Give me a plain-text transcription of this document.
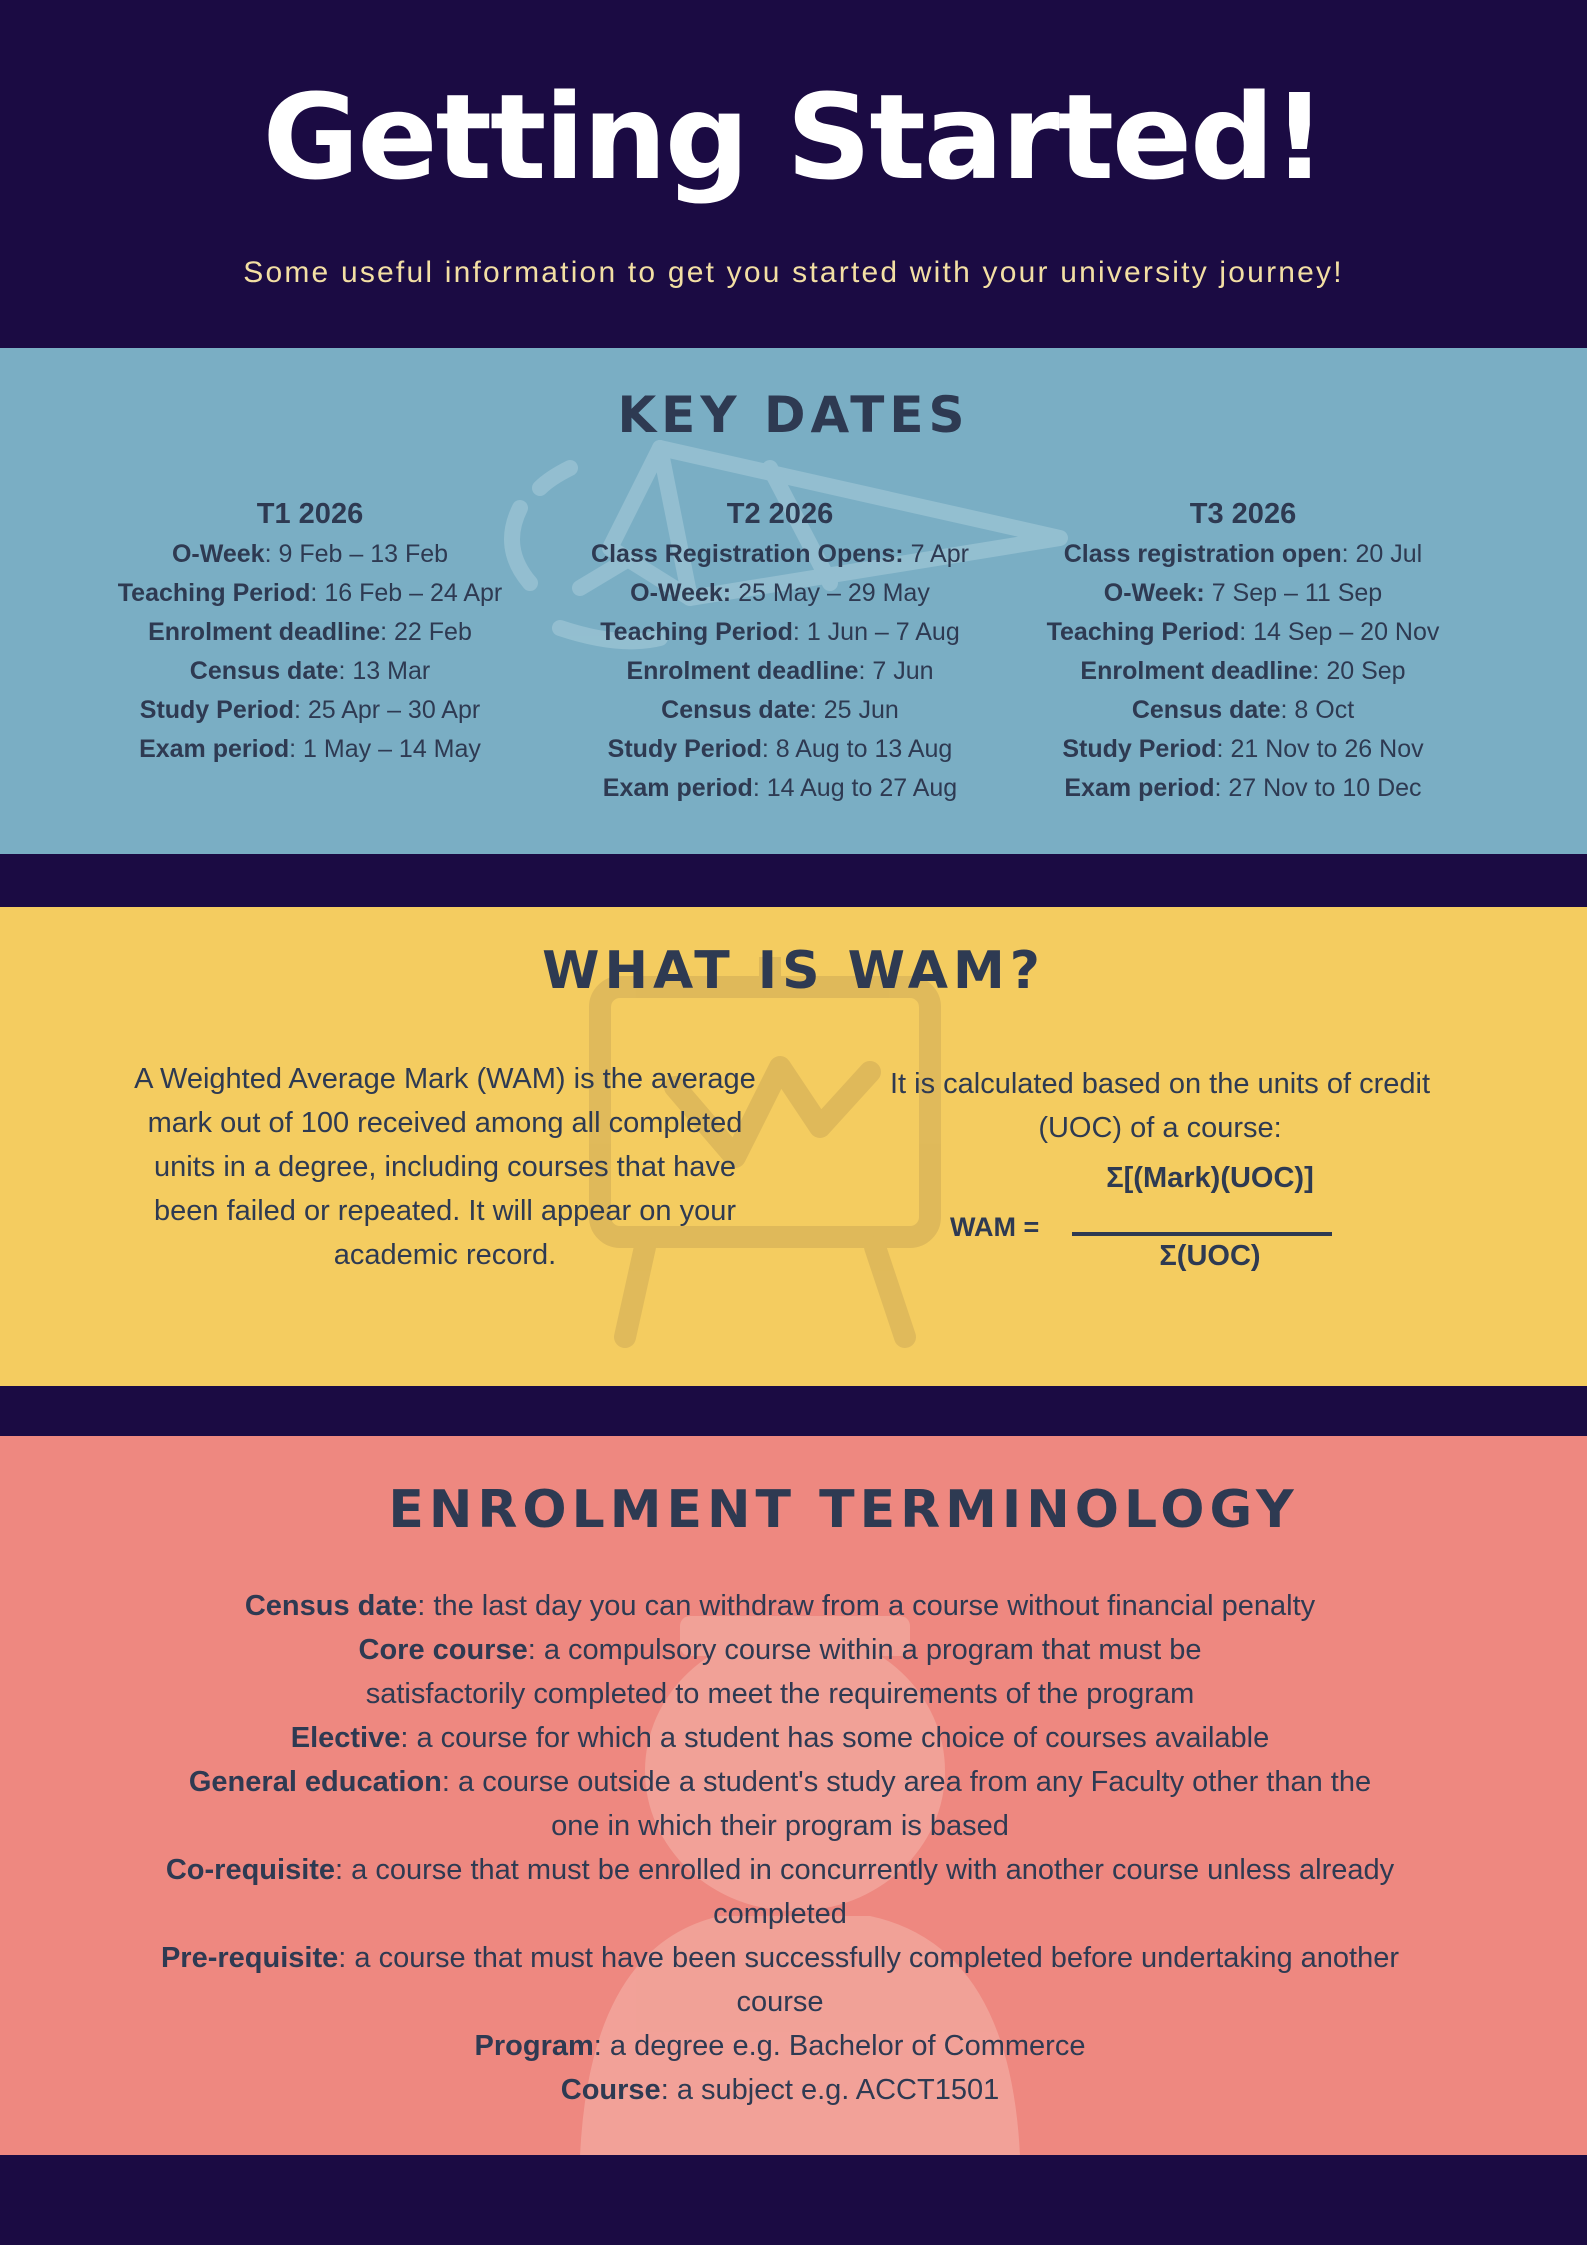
Getting Started!
Some useful information to get you started with your university journey!
KEY DATES
T1 2026
O-Week: 9 Feb – 13 Feb
Teaching Period: 16 Feb – 24 Apr
Enrolment deadline: 22 Feb
Census date: 13 Mar
Study Period: 25 Apr – 30 Apr
Exam period: 1 May – 14 May
T2 2026
Class Registration Opens: 7 Apr
O-Week: 25 May – 29 May
Teaching Period: 1 Jun – 7 Aug
Enrolment deadline: 7 Jun
Census date: 25 Jun
Study Period: 8 Aug to 13 Aug
Exam period: 14 Aug to 27 Aug
T3 2026
Class registration open: 20 Jul
O-Week: 7 Sep – 11 Sep
Teaching Period: 14 Sep – 20 Nov
Enrolment deadline: 20 Sep
Census date: 8 Oct
Study Period: 21 Nov to 26 Nov
Exam period: 27 Nov to 10 Dec
WHAT IS WAM?
A Weighted Average Mark (WAM) is the average mark out of 100 received among all completed units in a degree, including courses that have been failed or repeated. It will appear on your academic record.
It is calculated based on the units of credit (UOC) of a course:
WAM =
Σ[(Mark)(UOC)]
Σ(UOC)
ENROLMENT TERMINOLOGY
Census date: the last day you can withdraw from a course without financial penalty
Core course: a compulsory course within a program that must be satisfactorily completed to meet the requirements of the program
Elective: a course for which a student has some choice of courses available
General education: a course outside a student's study area from any Faculty other than the one in which their program is based
Co-requisite: a course that must be enrolled in concurrently with another course unless already completed
Pre-requisite: a course that must have been successfully completed before undertaking another course
Program: a degree e.g. Bachelor of Commerce
Course: a subject e.g. ACCT1501
